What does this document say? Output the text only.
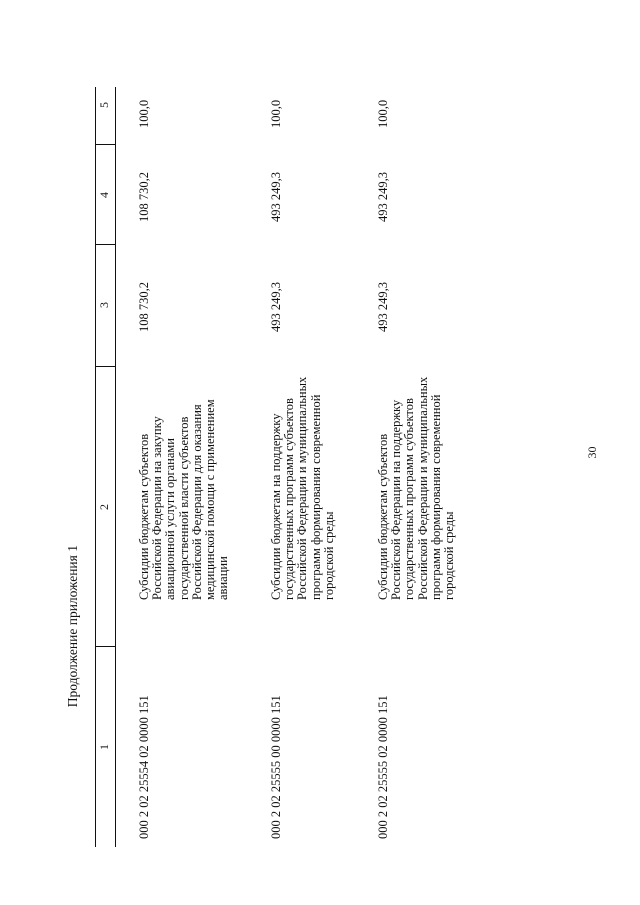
30
Продолжение приложения 1
1
2
3
4
5
000 2 02 25554 02 0000 151
Субсидии бюджетам субъектов Российской Федерации на закупку авиационной услуги органами государственной власти субъектов Российской Федерации для оказания медицинской помощи с применением авиации
108 730,2
108 730,2
100,0
000 2 02 25555 00 0000 151
Субсидии бюджетам на поддержку государственных программ субъектов Российской Федерации и муниципальных программ формирования современной городской среды
493 249,3
493 249,3
100,0
000 2 02 25555 02 0000 151
Субсидии бюджетам субъектов Российской Федерации на поддержку государственных программ субъектов Российской Федерации и муниципальных программ формирования современной городской среды
493 249,3
493 249,3
100,0
